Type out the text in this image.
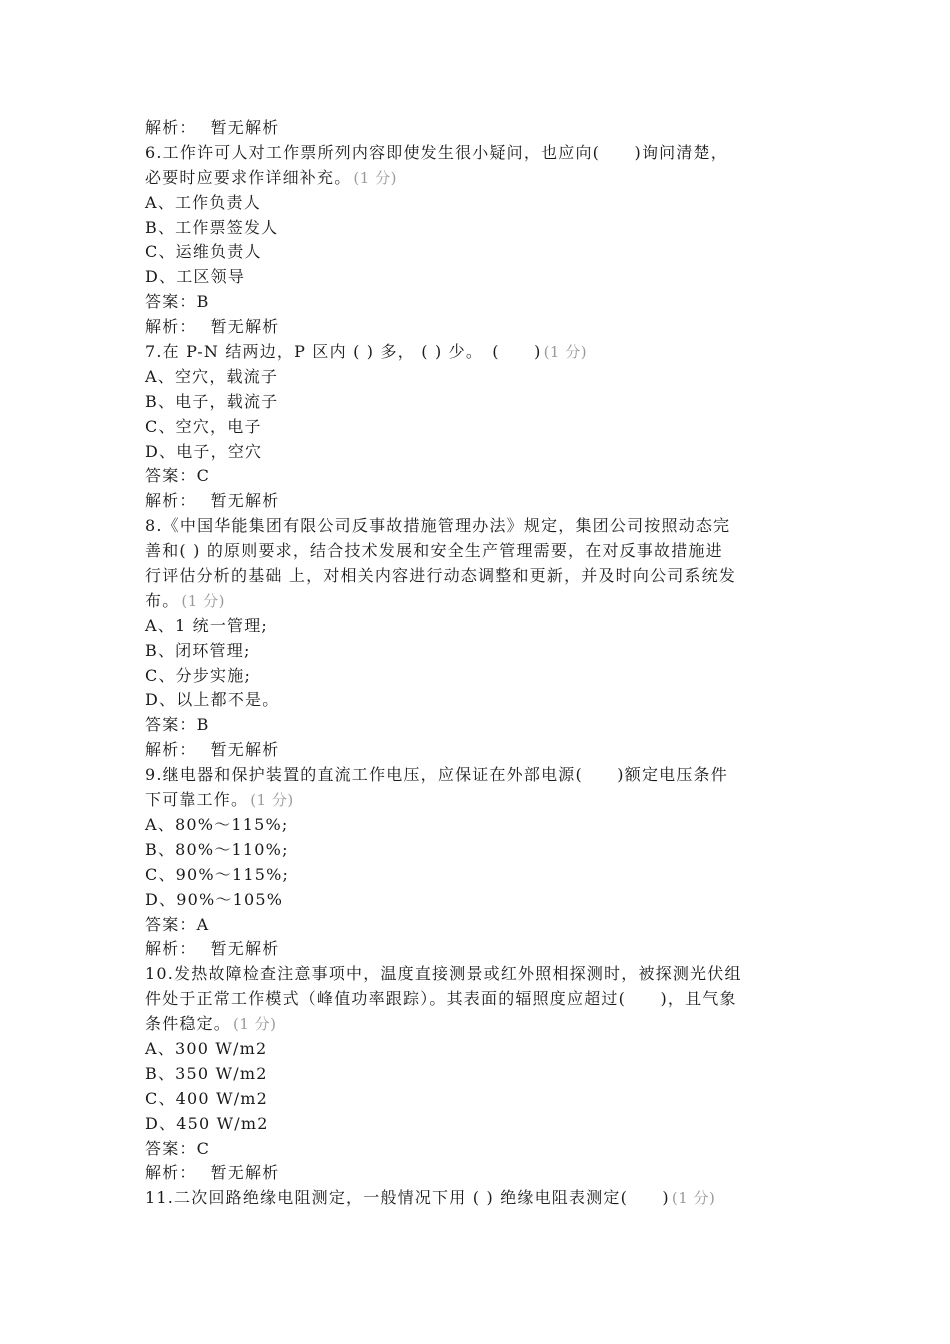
解析： 暂无解析
6.工作许可人对工作票所列内容即使发生很小疑问，也应向(　　)询问清楚，
必要时应要求作详细补充。 (1 分)
A、工作负责人
B、工作票签发人
C、运维负责人
D、工区领导
答案：B
解析： 暂无解析
7.在 P-N 结两边，P 区内 ( ) 多， ( ) 少。　(　　) (1 分)
A、空穴，载流子
B、电子，载流子
C、空穴，电子
D、电子，空穴
答案：C
解析： 暂无解析
8.《中国华能集团有限公司反事故措施管理办法》规定，集团公司按照动态完
善和( ) 的原则要求，结合技术发展和安全生产管理需要，在对反事故措施进
行评估分析的基础 上，对相关内容进行动态调整和更新，并及时向公司系统发
布。 (1 分)
A、1 统一管理;
B、闭环管理;
C、分步实施;
D、以上都不是。
答案：B
解析： 暂无解析
9.继电器和保护装置的直流工作电压，应保证在外部电源(　　)额定电压条件
下可靠工作。 (1 分)
A、80%～115%;
B、80%～110%;
C、90%～115%;
D、90%～105%
答案：A
解析： 暂无解析
10.发热故障检查注意事项中，温度直接测景或红外照相探测时，被探测光伏组
件处于正常工作模式（峰值功率跟踪）。其表面的辐照度应超过(　　)，且气象
条件稳定。 (1 分)
A、300 W/m2
B、350 W/m2
C、400 W/m2
D、450 W/m2
答案：C
解析： 暂无解析
11.二次回路绝缘电阻测定，一般情况下用 ( ) 绝缘电阻表测定(　　) (1 分)
